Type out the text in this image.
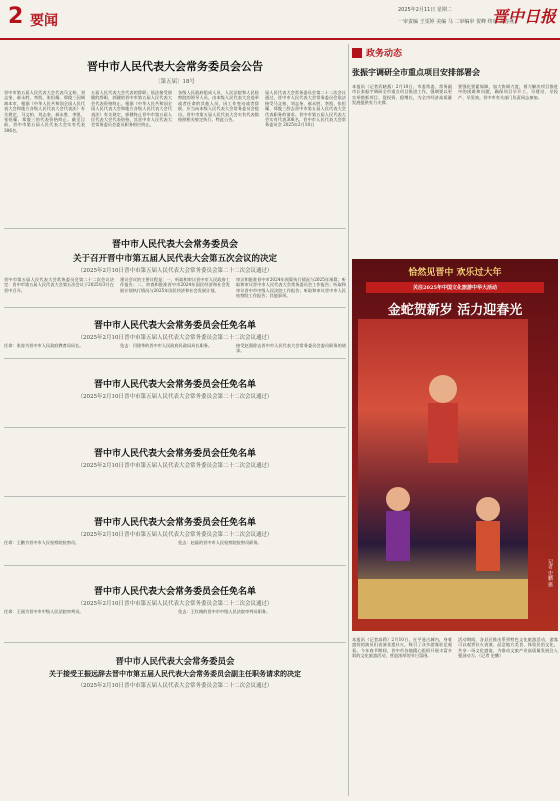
2 要闻
2025年2月11日 星期二
一审责编 王雯婷 美编 马 二审编审 贺峰 终审 刘春燕
晋中日报
晋中市人民代表大会常务委员会公告
〔第五届〕18号
晋中市第五届人民代表大会代表马文柏、刘志奎、郝永胜、李凯、张恒耀、郑俊三因调离本市，根据《中华人民共和国全国人民代表大会和地方各级人民代表大会代表法》有关规定，马文柏、刘志奎、郝永胜、李凯、张恒耀、郑俊三的代表资格终止。截至目前，晋中市第五届人民代表大会实有代表306名。
五届人民代表大会代表的辞职；依法接受郭健的辞职，郭健的晋中市第五届人民代表大会代表资格终止。根据《中华人民共和国全国人民代表大会和地方各级人民代表大会代表法》有关规定，郭健终止晋中市第五届人民代表大会代表资格，其晋中市人民代表大会常务委员会委员职务相应终止。
各级人民政府组成人员、人民法院和人民检察院的领导人员，由本级人民代表大会选举或者任命的其他人员，因工作变动或者辞职，应当向本级人民代表大会常务委员会提出。晋中市第五届人民代表大会实有代表数按照相关规定执行。特此公告。
届人民代表大会常务委员会第二十二次会议通过，晋中市人民代表大会常务委员会依法接受马文柏、刘志奎、郝永胜、李凯、张恒耀、郑俊三辞去晋中市第五届人民代表大会代表职务的请求。晋中市第五届人民代表大会实有代表306名。晋中市人民代表大会常务委员会 2025年2月10日
晋中市人民代表大会常务委员会
关于召开晋中市第五届人民代表大会第五次会议的决定
（2025年2月10日晋中市第五届人民代表大会常务委员会第二十二次会议通过）
晋中市第五届人民代表大会常务委员会第二十二次会议决定：晋中市第五届人民代表大会第五次会议于2025年3月在晋中召开。
建议会议的主要议程是：一、听取和审议晋中市人民政府工作报告；二、审查和批准晋中市2024年国民经济和社会发展计划执行情况与2025年国民经济和社会发展计划。
审议和批准晋中市2024年预算执行情况与2025年预算；听取和审议晋中市人民代表大会常务委员会工作报告；听取和审议晋中市中级人民法院工作报告；听取和审议晋中市人民检察院工作报告；其他事项。
晋中市人民代表大会常务委员会任免名单
（2025年2月10日晋中市第五届人民代表大会常务委员会第二十二次会议通过）
任命：张涛为晋中市人民政府教育局局长。	免去：闫建华的晋中市人民政府民政局局长职务。	接受赵强辞去晋中市人民代表大会常务委员会委员职务的请求。
晋中市人民代表大会常务委员会任免名单
（2025年2月10日晋中市第五届人民代表大会常务委员会第二十二次会议通过）
晋中市人民代表大会常务委员会任免名单
（2025年2月10日晋中市第五届人民代表大会常务委员会第二十二次会议通过）
晋中市人民代表大会常务委员会任免名单
（2025年2月10日晋中市第五届人民代表大会常务委员会第二十二次会议通过）
任命：王鹏为晋中市人民检察院检察员。	免去：赵磊的晋中市人民检察院检察员职务。
晋中市人民代表大会常务委员会任免名单
（2025年2月10日晋中市第五届人民代表大会常务委员会第二十二次会议通过）
任命：王丽为晋中市中级人民法院审判员。	免去：王红梅的晋中市中级人民法院审判员职务。
晋中市人民代表大会常务委员会
关于接受王振远辞去晋中市第五届人民代表大会常务委员会副主任职务请求的决定
（2025年2月10日晋中市第五届人民代表大会常务委员会第二十二次会议通过）
政务动态
张振宇调研全市重点项目安排部署会
本报讯（记者武晓燕）2月10日，市委常委、常务副市长张振宇调研全市重点项目推进工作，强调要以更实举措抓项目、促投资、稳增长，为全市经济高质量发展提供有力支撑。
要强化要素保障，加大协调力度，着力解决项目推进中的困难和问题，确保项目早开工、早建设、早投产、早见效。晋中市有关部门负责同志参加。
恰然见晋中 欢乐过大年
关注2025年中国文化旅游中华大活动
金蛇贺新岁 活力迎春光
记者 史鹏 摄
本报讯（记者高莉）2月10日，在平遥古城内，身着盛装的演员们表演非遗社火，吸引了众多游客驻足观看。今年春节期间，晋中市各地精心组织开展丰富多彩的文化旅游活动，营造浓厚的节日氛围。
活动期间，各县区推出系列特色文化旅游活动，游客可以观赏社火表演、品尝地方美食、体验民俗文化，共享一场文化盛宴，为推动文旅产业高质量发展注入强劲动力。（记者 史鹏）
